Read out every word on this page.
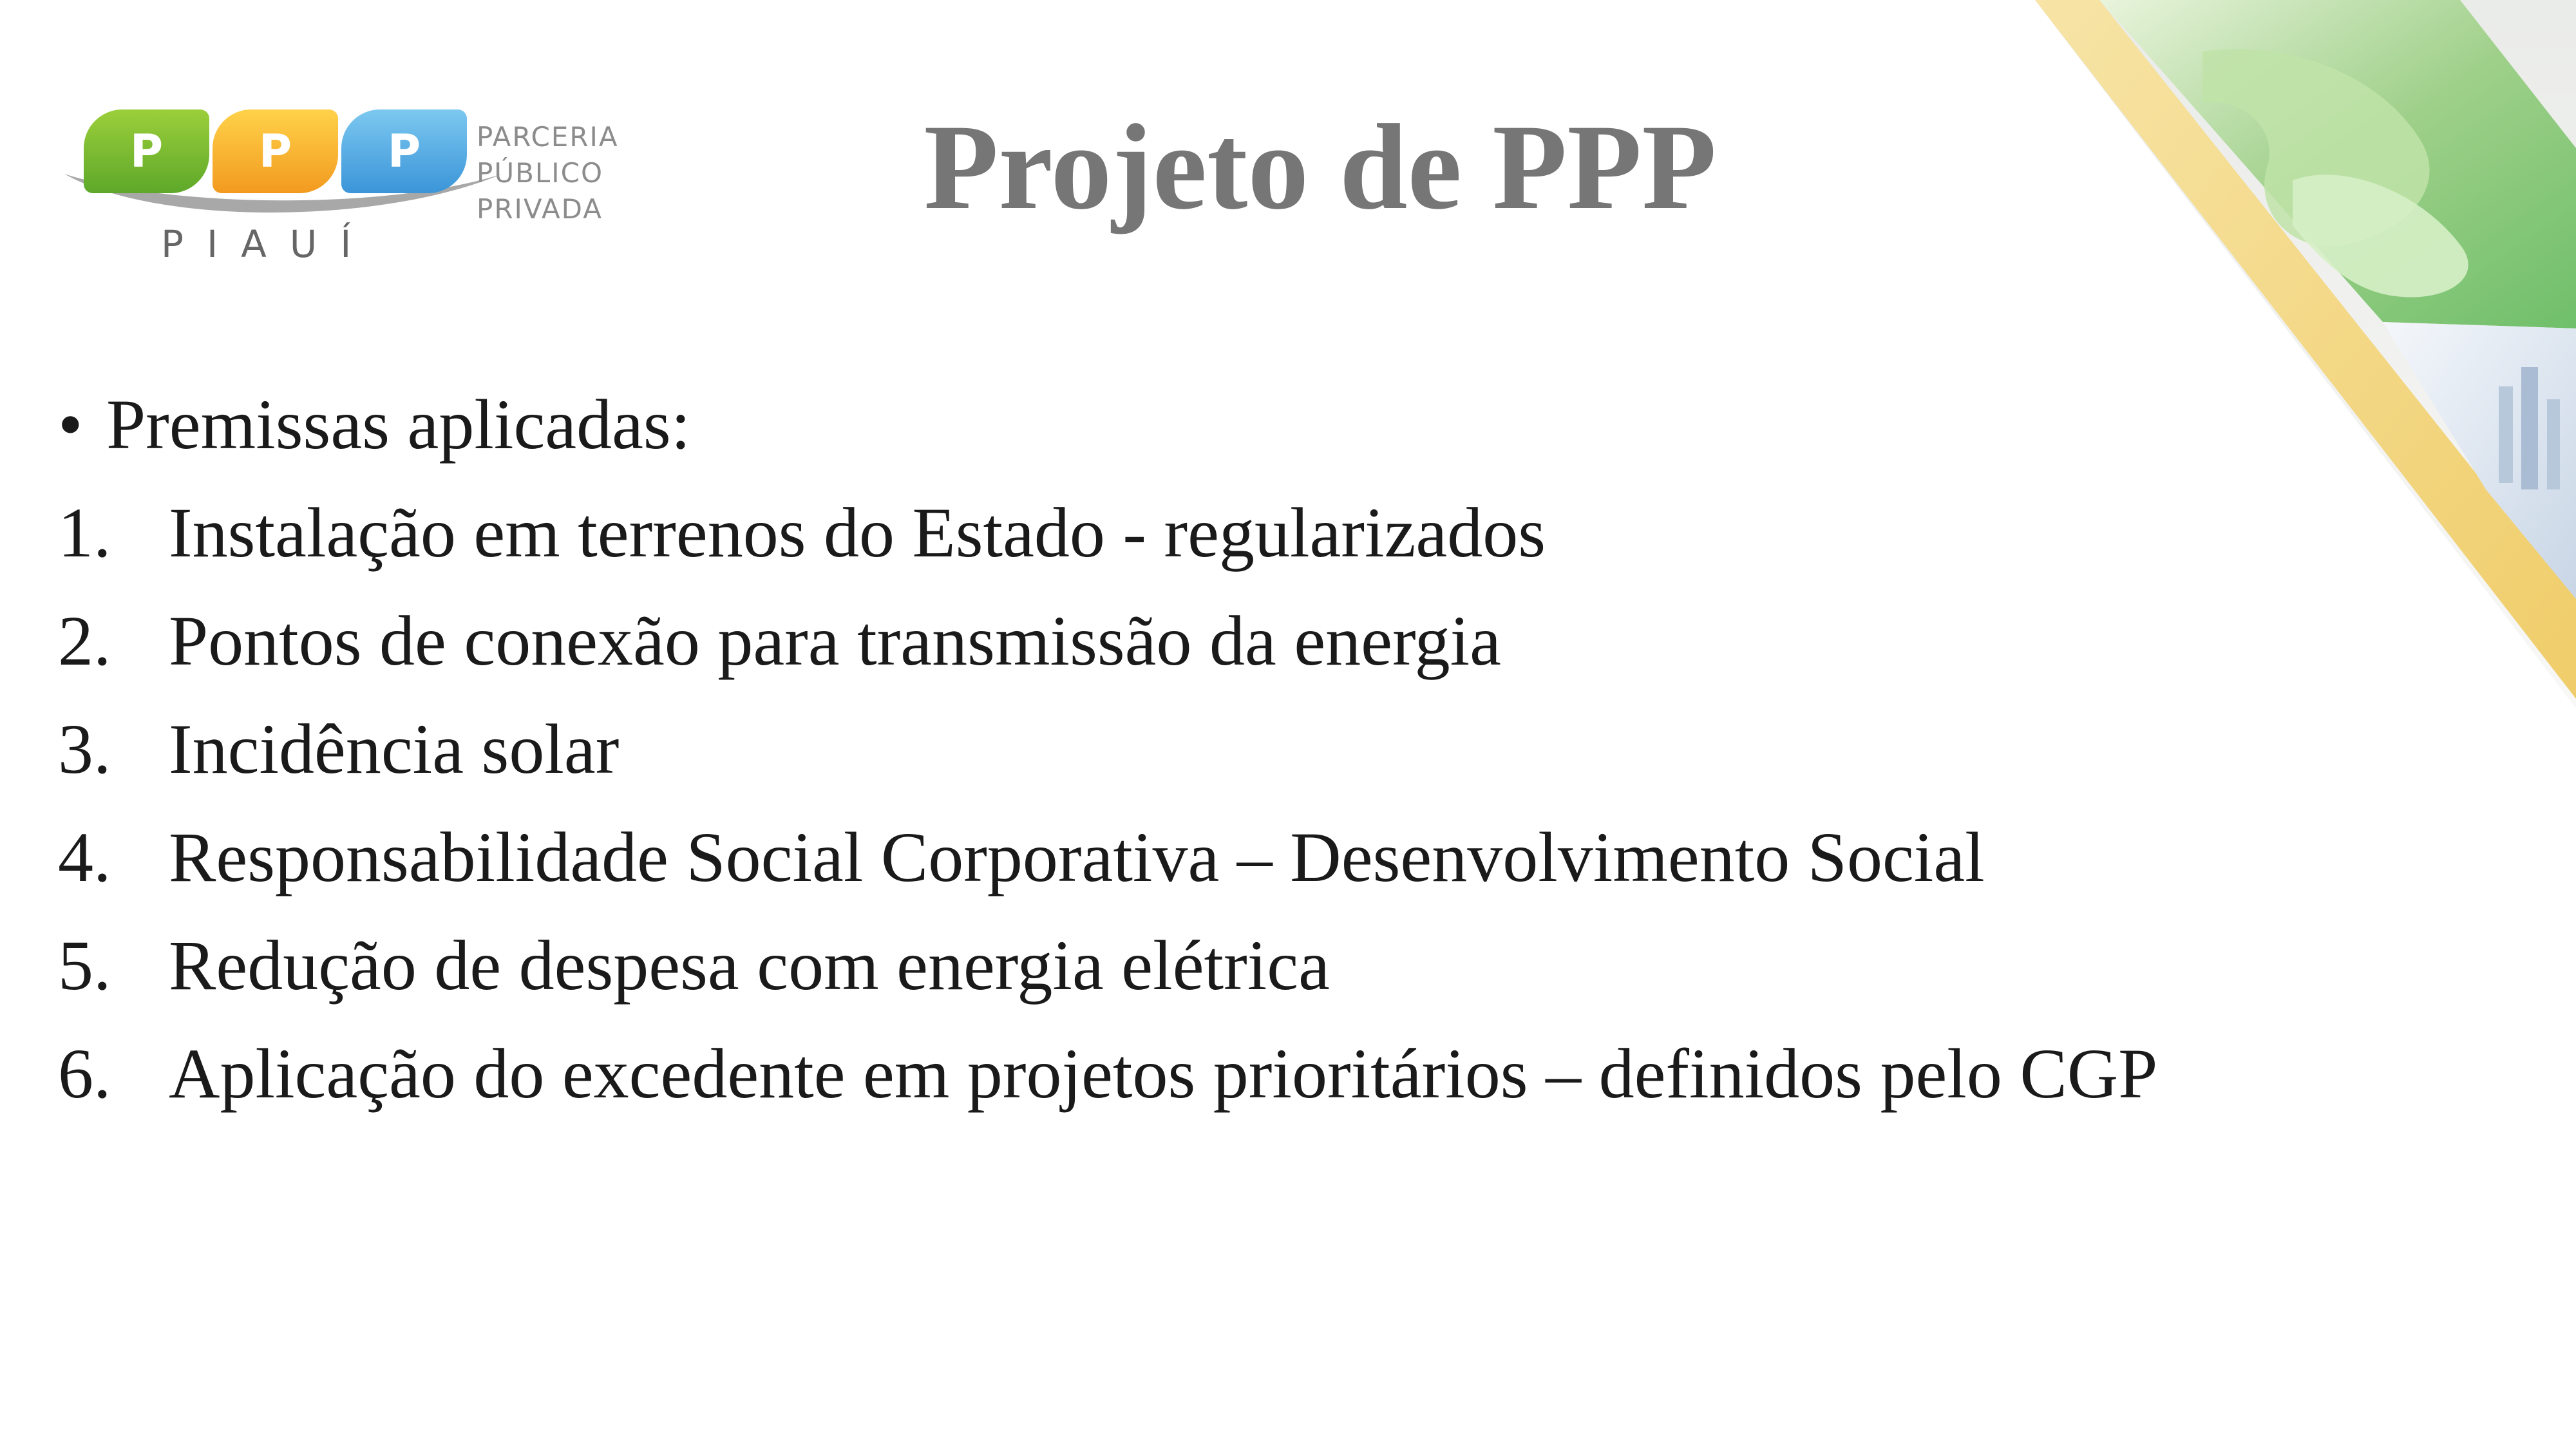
P	P	P
PIAUÍ
PARCERIA
PÚBLICO
PRIVADA	Projeto de PPP
• Premissas aplicadas:
1. Instalação em terrenos do Estado - regularizados
2. Pontos de conexão para transmissão da energia
3. Incidência solar
4. Responsabilidade Social Corporativa – Desenvolvimento Social
5. Redução de despesa com energia elétrica
6. Aplicação do excedente em projetos prioritários – definidos pelo CGP
